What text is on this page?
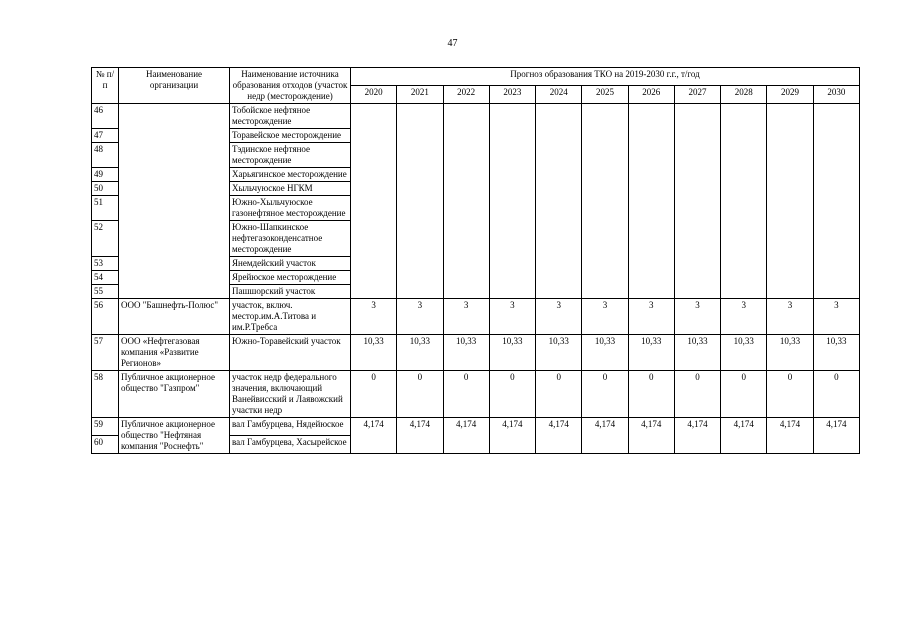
47
№ п/ п	Наименование организации	Наименование источника образования отходов (участок недр (месторождение)	Прогноз образования ТКО на 2019-2030 г.г., т/год										
			2020	2021	2022	2023	2024	2025	2026	2027	2028	2029	2030
46		Тобойское нефтяное месторождение											
47		Торавейское месторождение											
48		Тэдинское нефтяное месторождение											
49		Харьягинское месторождение											
50		Хыльчуюское НГКМ											
51		Южно-Хыльчуюское газонефтяное месторождение											
52		Южно-Шапкинское нефтегазоконденсатное месторождение											
53		Янемдейский участок											
54		Ярейюское месторождение											
55		Пашшорский участок											
56	ООО "Башнефть-Полюс"	участок, включ. местор.им.А.Титова и им.Р.Требса	3	3	3	3	3	3	3	3	3	3	3
57	ООО «Нефтегазовая компания «Развитие Регионов»	Южно-Торавейский участок	10,33	10,33	10,33	10,33	10,33	10,33	10,33	10,33	10,33	10,33	10,33
58	Публичное акционерное общество "Газпром"	участок недр федерального значения, включающий Ванейвисский и Лаявожский участки недр	0	0	0	0	0	0	0	0	0	0	0
59	Публичное акционерное общество "Нефтяная компания "Роснефть"	вал Гамбурцева, Нядейюское	4,174	4,174	4,174	4,174	4,174	4,174	4,174	4,174	4,174	4,174	4,174
60		вал Гамбурцева, Хасырейское											
